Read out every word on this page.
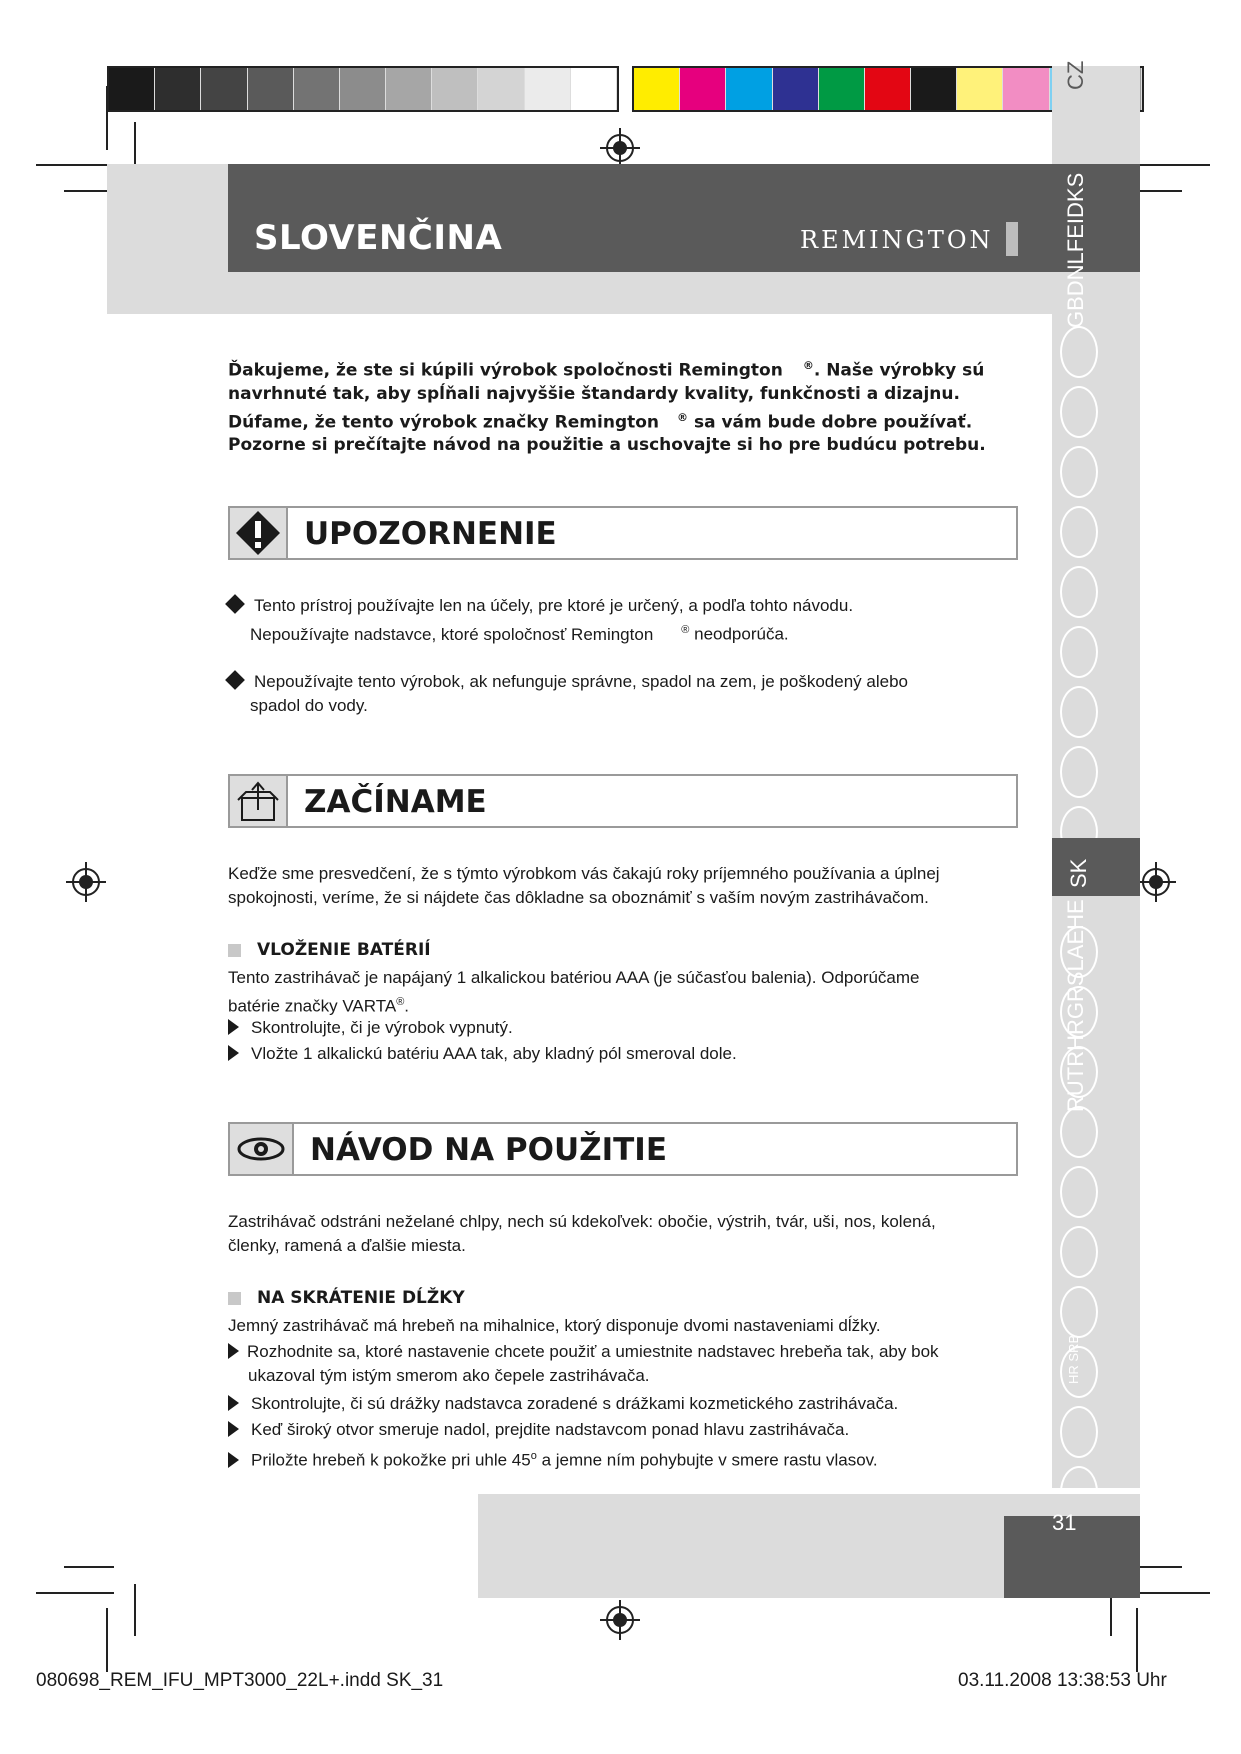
SLOVENČINA	REMINGTON	GBDNLFEIDKS
CZ
SK
RUTRHRGRSLAEHE
HR SRB
Ďakujeme, že ste si kúpili výrobok spoločnosti Remington ®. Naše výrobky sú navrhnuté tak, aby spĺňali najvyššie štandardy kvality, funkčnosti a dizajnu. Dúfame, že tento výrobok značky Remington ® sa vám bude dobre používať. Pozorne si prečítajte návod na použitie a uschovajte si ho pre budúcu potrebu.
UPOZORNENIE
Tento prístroj používajte len na účely, pre ktoré je určený, a podľa tohto návodu.
Nepoužívajte nadstavce, ktoré spoločnosť Remington	® neodporúča.
Nepoužívajte tento výrobok, ak nefunguje správne, spadol na zem, je poškodený alebo
spadol do vody.
ZAČÍNAME
Keďže sme presvedčení, že s týmto výrobkom vás čakajú roky príjemného používania a úplnej
spokojnosti, veríme, že si nájdete čas dôkladne sa oboznámiť s vaším novým zastrihávačom.
VLOŽENIE BATÉRIÍ
Tento zastrihávač je napájaný 1 alkalickou batériou AAA (je súčasťou balenia). Odporúčame
batérie značky VARTA®.
Skontrolujte, či je výrobok vypnutý.
Vložte 1 alkalickú batériu AAA tak, aby kladný pól smeroval dole.
NÁVOD NA POUŽITIE
Zastrihávač odstráni neželané chlpy, nech sú kdekoľvek: obočie, výstrih, tvár, uši, nos, kolená,
členky, ramená a ďalšie miesta.
NA SKRÁTENIE DĹŽKY
Jemný zastrihávač má hrebeň na mihalnice, ktorý disponuje dvomi nastaveniami dĺžky.
Rozhodnite sa, ktoré nastavenie chcete použiť a umiestnite nadstavec hrebeňa tak, aby bok
ukazoval tým istým smerom ako čepele zastrihávača.
Skontrolujte, či sú drážky nadstavca zoradené s drážkami kozmetického zastrihávača.
Keď široký otvor smeruje nadol, prejdite nadstavcom ponad hlavu zastrihávača.
Priložte hrebeň k pokožke pri uhle 45$^o$ a jemne ním pohybujte v smere rastu vlasov.
31
080698_REM_IFU_MPT3000_22L+.indd SK_31	03.11.2008 13:38:53 Uhr
